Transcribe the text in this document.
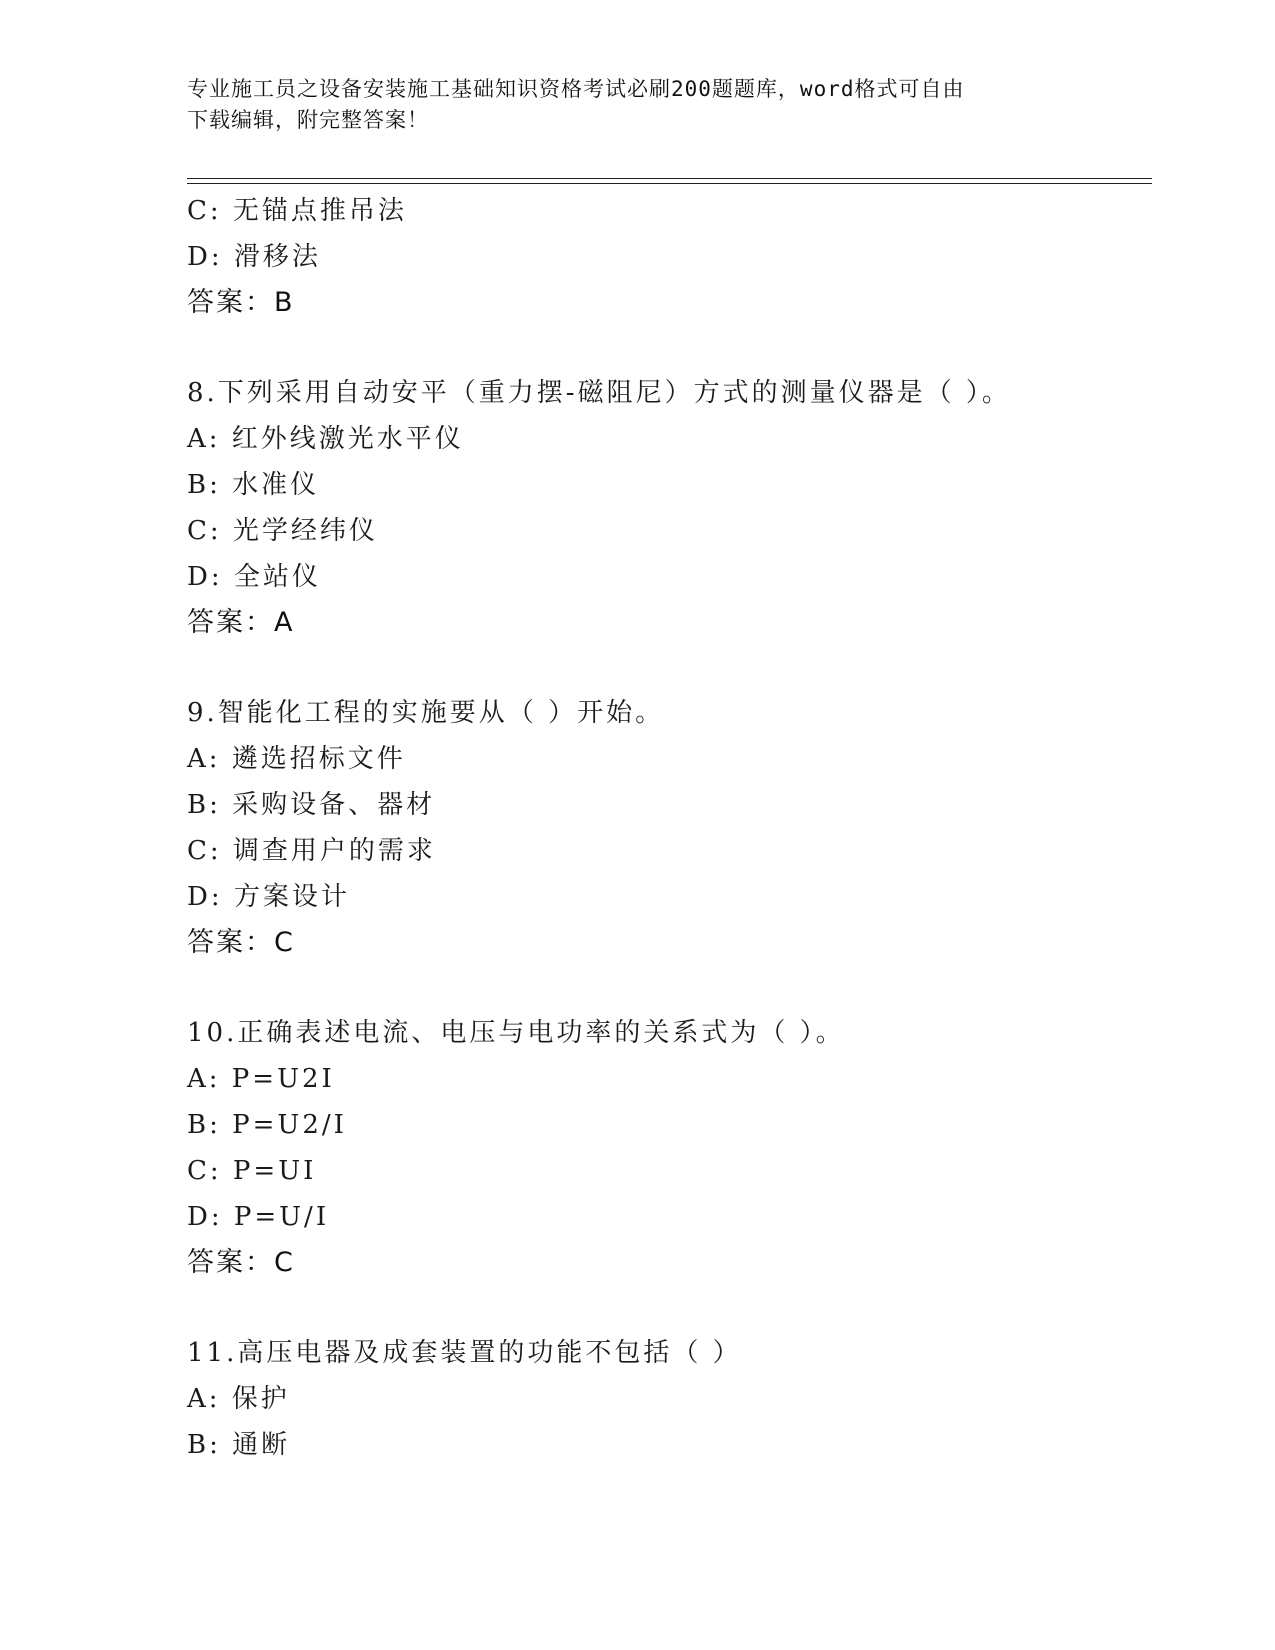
专业施工员之设备安装施工基础知识资格考试必刷200题题库，word格式可自由
下载编辑，附完整答案！
C: 无锚点推吊法
D: 滑移法
答案：B
8.下列采用自动安平（重力摆-磁阻尼）方式的测量仪器是（ ）。
A: 红外线激光水平仪
B: 水准仪
C: 光学经纬仪
D: 全站仪
答案：A
9.智能化工程的实施要从（ ）开始。
A: 遴选招标文件
B: 采购设备、器材
C: 调查用户的需求
D: 方案设计
答案：C
10.正确表述电流、电压与电功率的关系式为（ ）。
A: P=U2I
B: P=U2/I
C: P=UI
D: P=U/I
答案：C
11.高压电器及成套装置的功能不包括（ ）
A: 保护
B: 通断
